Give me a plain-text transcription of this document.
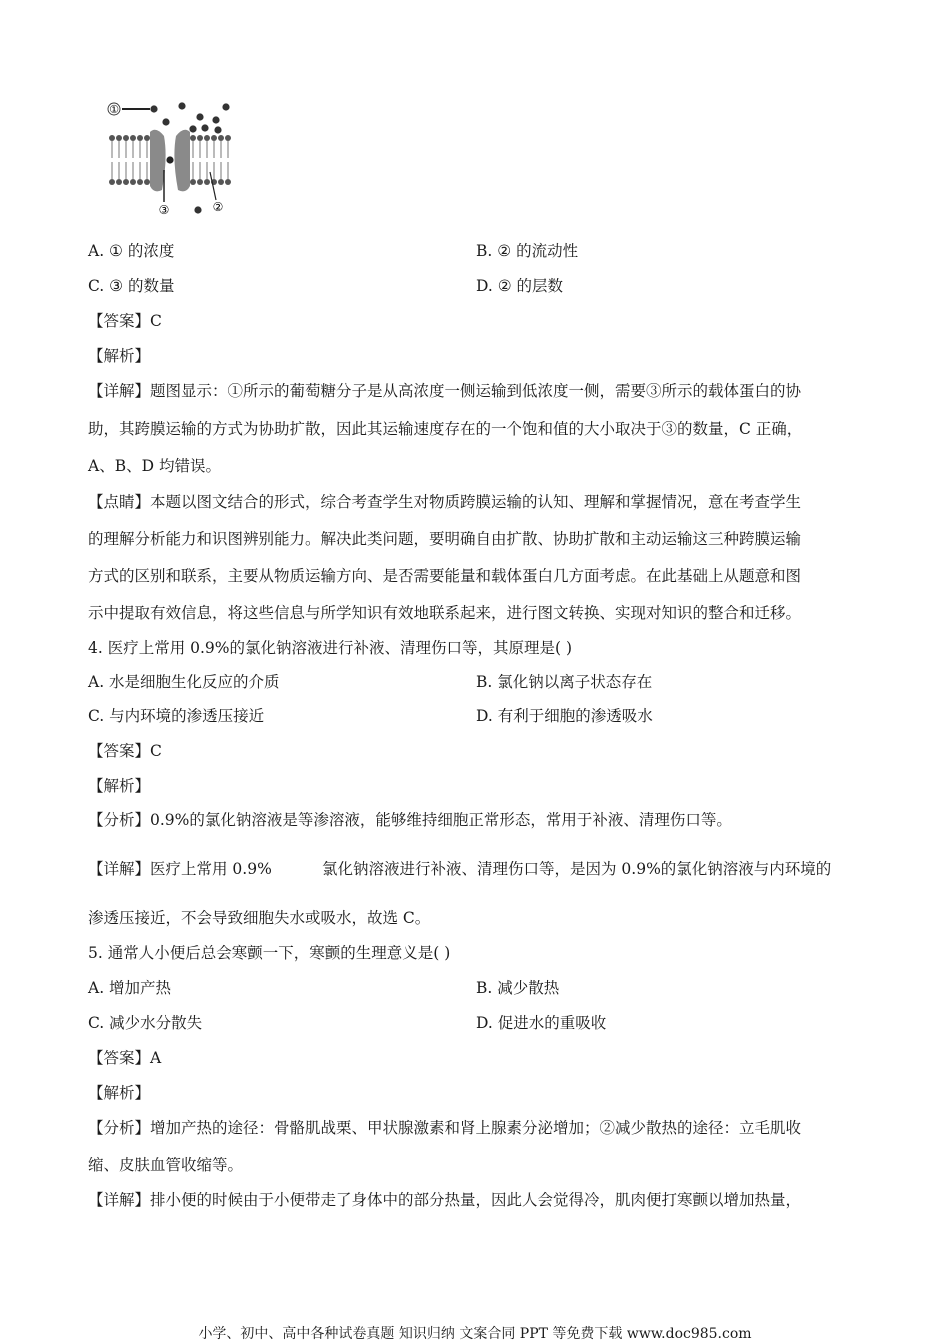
①
③	②
A. ① 的浓度	B. ② 的流动性
C. ③ 的数量	D. ② 的层数
【答案】C
【解析】
【详解】题图显示：①所示的葡萄糖分子是从高浓度一侧运输到低浓度一侧，需要③所示的载体蛋白的协
助，其跨膜运输的方式为协助扩散，因此其运输速度存在的一个饱和值的大小取决于③的数量，C 正确，
A、B、D 均错误。
【点睛】本题以图文结合的形式，综合考查学生对物质跨膜运输的认知、理解和掌握情况，意在考查学生
的理解分析能力和识图辨别能力。解决此类问题，要明确自由扩散、协助扩散和主动运输这三种跨膜运输
方式的区别和联系，主要从物质运输方向、是否需要能量和载体蛋白几方面考虑。在此基础上从题意和图
示中提取有效信息，将这些信息与所学知识有效地联系起来，进行图文转换、实现对知识的整合和迁移。
4. 医疗上常用 0.9%的氯化钠溶液进行补液、清理伤口等，其原理是( )
A. 水是细胞生化反应的介质	B. 氯化钠以离子状态存在
C. 与内环境的渗透压接近	D. 有利于细胞的渗透吸水
【答案】C
【解析】
【分析】0.9%的氯化钠溶液是等渗溶液，能够维持细胞正常形态，常用于补液、清理伤口等。
【详解】医疗上常用 0.9%	氯化钠溶液进行补液、清理伤口等，是因为 0.9%的氯化钠溶液与内环境的
渗透压接近，不会导致细胞失水或吸水，故选 C。
5. 通常人小便后总会寒颤一下，寒颤的生理意义是( )
A. 增加产热	B. 减少散热
C. 减少水分散失	D. 促进水的重吸收
【答案】A
【解析】
【分析】增加产热的途径：骨骼肌战栗、甲状腺激素和肾上腺素分泌增加；②减少散热的途径：立毛肌收
缩、皮肤血管收缩等。
【详解】排小便的时候由于小便带走了身体中的部分热量，因此人会觉得冷，肌肉便打寒颤以增加热量，
小学、初中、高中各种试卷真题 知识归纳 文案合同 PPT 等免费下载 www.doc985.com
